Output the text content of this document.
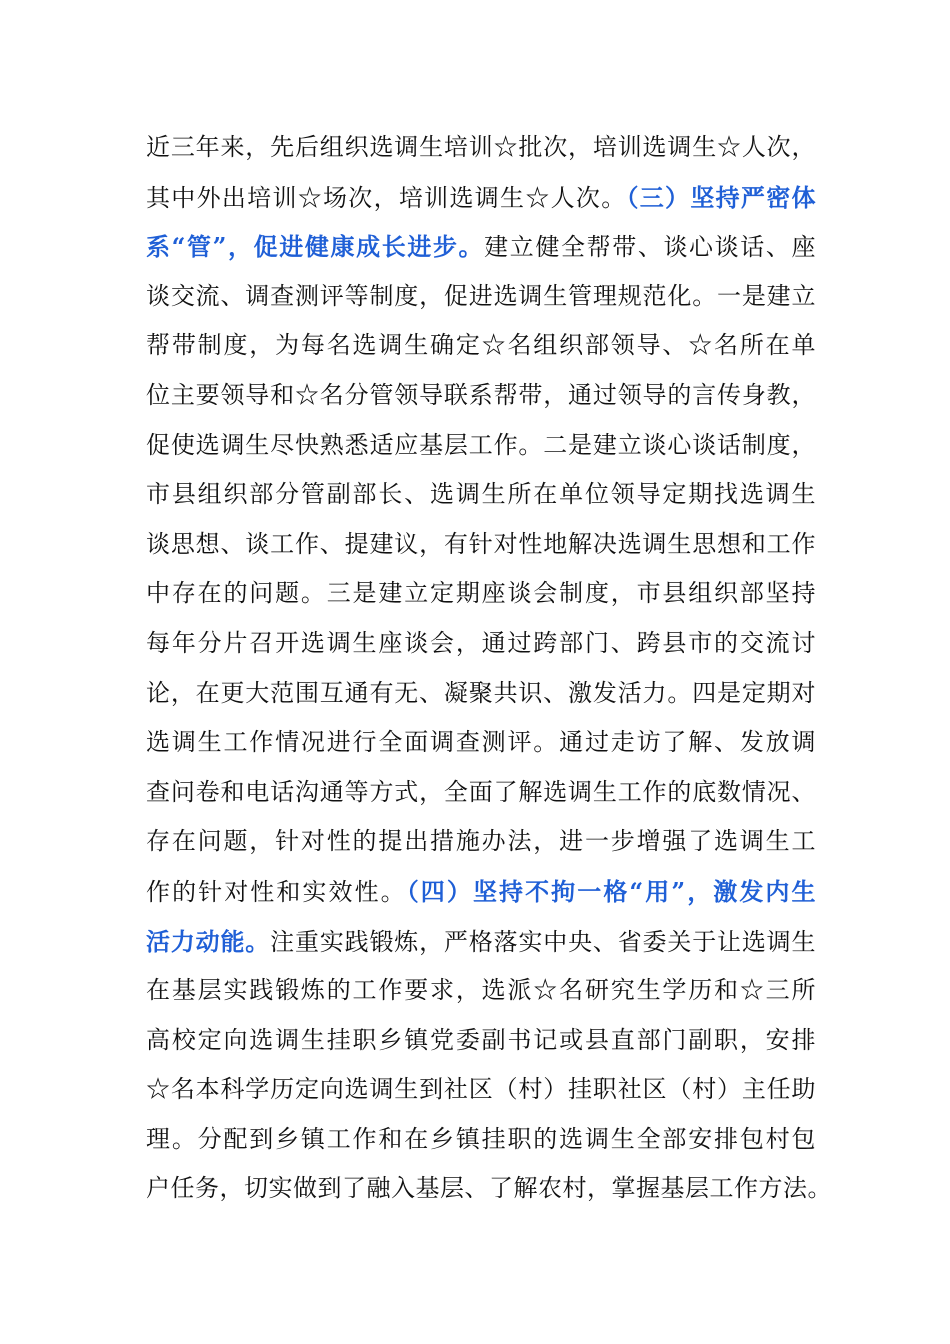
近三年来，先后组织选调生培训☆批次，培训选调生☆人次，
其中外出培训☆场次，培训选调生☆人次。（三）坚持严密体
系“管”，促进健康成长进步。建立健全帮带、谈心谈话、座
谈交流、调查测评等制度，促进选调生管理规范化。一是建立
帮带制度，为每名选调生确定☆名组织部领导、☆名所在单
位主要领导和☆名分管领导联系帮带，通过领导的言传身教，
促使选调生尽快熟悉适应基层工作。二是建立谈心谈话制度，
市县组织部分管副部长、选调生所在单位领导定期找选调生
谈思想、谈工作、提建议，有针对性地解决选调生思想和工作
中存在的问题。三是建立定期座谈会制度，市县组织部坚持
每年分片召开选调生座谈会，通过跨部门、跨县市的交流讨
论，在更大范围互通有无、凝聚共识、激发活力。四是定期对
选调生工作情况进行全面调查测评。通过走访了解、发放调
查问卷和电话沟通等方式，全面了解选调生工作的底数情况、
存在问题，针对性的提出措施办法，进一步增强了选调生工
作的针对性和实效性。（四）坚持不拘一格“用”，激发内生
活力动能。注重实践锻炼，严格落实中央、省委关于让选调生
在基层实践锻炼的工作要求，选派☆名研究生学历和☆三所
高校定向选调生挂职乡镇党委副书记或县直部门副职，安排
☆名本科学历定向选调生到社区（村）挂职社区（村）主任助
理。分配到乡镇工作和在乡镇挂职的选调生全部安排包村包
户任务，切实做到了融入基层、了解农村，掌握基层工作方法。
